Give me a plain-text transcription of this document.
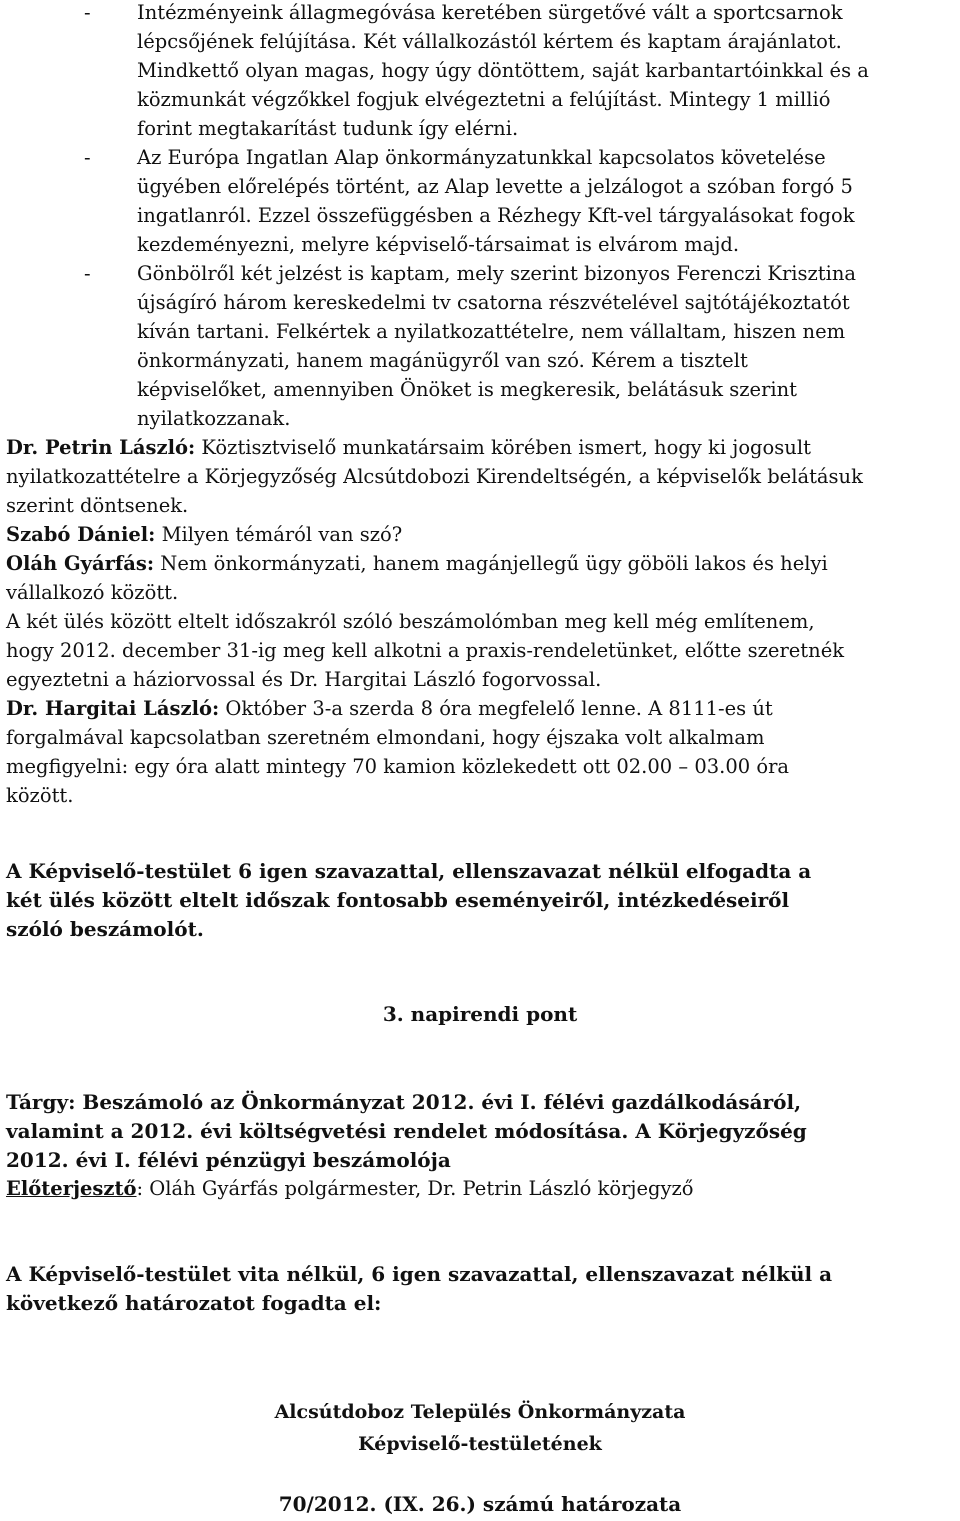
- Intézményeink állagmegóvása keretében sürgetővé vált a sportcsarnok
lépcsőjének felújítása. Két vállalkozástól kértem és kaptam árajánlatot.
Mindkettő olyan magas, hogy úgy döntöttem, saját karbantartóinkkal és a
közmunkát végzőkkel fogjuk elvégeztetni a felújítást. Mintegy 1 millió
forint megtakarítást tudunk így elérni.
- Az Európa Ingatlan Alap önkormányzatunkkal kapcsolatos követelése
ügyében előrelépés történt, az Alap levette a jelzálogot a szóban forgó 5
ingatlanról. Ezzel összefüggésben a Rézhegy Kft-vel tárgyalásokat fogok
kezdeményezni, melyre képviselő-társaimat is elvárom majd.
- Gönbölről két jelzést is kaptam, mely szerint bizonyos Ferenczi Krisztina
újságíró három kereskedelmi tv csatorna részvételével sajtótájékoztatót
kíván tartani. Felkértek a nyilatkozattételre, nem vállaltam, hiszen nem
önkormányzati, hanem magánügyről van szó. Kérem a tisztelt
képviselőket, amennyiben Önöket is megkeresik, belátásuk szerint
nyilatkozzanak.
Dr. Petrin László: Köztisztviselő munkatársaim körében ismert, hogy ki jogosult
nyilatkozattételre a Körjegyzőség Alcsútdobozi Kirendeltségén, a képviselők belátásuk
szerint döntsenek.
Szabó Dániel: Milyen témáról van szó?
Oláh Gyárfás: Nem önkormányzati, hanem magánjellegű ügy göböli lakos és helyi
vállalkozó között.
A két ülés között eltelt időszakról szóló beszámolómban meg kell még említenem,
hogy 2012. december 31-ig meg kell alkotni a praxis-rendeletünket, előtte szeretnék
egyeztetni a háziorvossal és Dr. Hargitai László fogorvossal.
Dr. Hargitai László: Október 3-a szerda 8 óra megfelelő lenne. A 8111-es út
forgalmával kapcsolatban szeretném elmondani, hogy éjszaka volt alkalmam
megfigyelni: egy óra alatt mintegy 70 kamion közlekedett ott 02.00 – 03.00 óra
között.
A Képviselő-testület 6 igen szavazattal, ellenszavazat nélkül elfogadta a
két ülés között eltelt időszak fontosabb eseményeiről, intézkedéseiről
szóló beszámolót.
3. napirendi pont
Tárgy: Beszámoló az Önkormányzat 2012. évi I. félévi gazdálkodásáról,
valamint a 2012. évi költségvetési rendelet módosítása. A Körjegyzőség
2012. évi I. félévi pénzügyi beszámolója
Előterjesztő: Oláh Gyárfás polgármester, Dr. Petrin László körjegyző
A Képviselő-testület vita nélkül, 6 igen szavazattal, ellenszavazat nélkül a
következő határozatot fogadta el:
Alcsútdoboz Település Önkormányzata
Képviselő-testületének
70/2012. (IX. 26.) számú határozata
